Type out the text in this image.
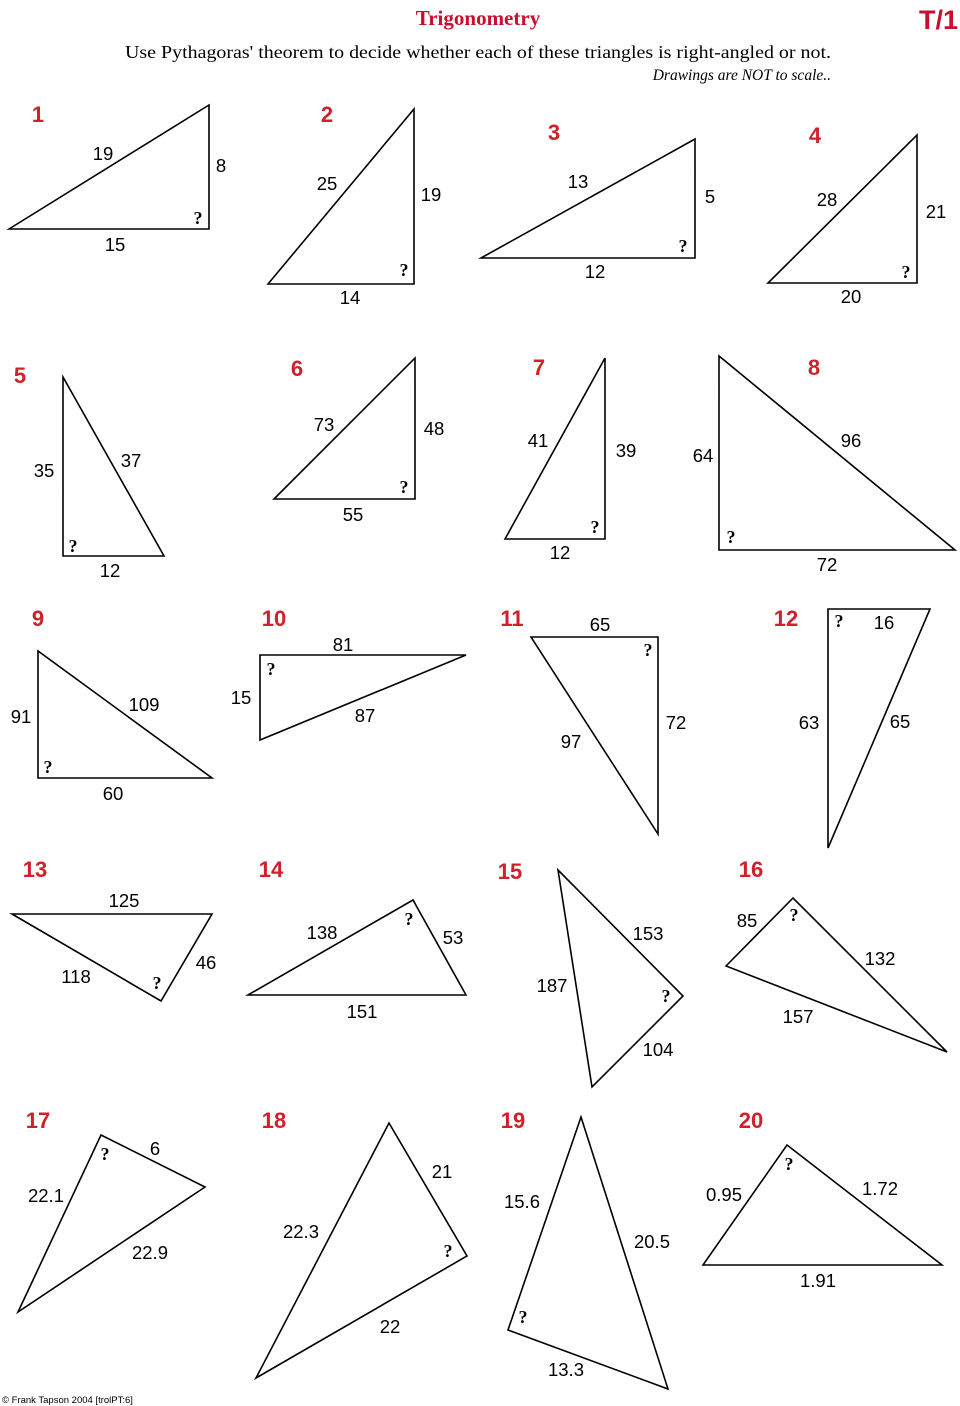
Trigonometry	T/1
Use Pythagoras' theorem to decide whether each of these triangles is right-angled or not.
Drawings are NOT to scale..
1
19
8
15
?
2
25
19
14
?
3
13
5
12
?
4
28
21
20
?
5
35	37
12
?
6
73	48
55
?
7
41	39
12
?
8
64
96
72
?
9
91
109
60
?
10
81
15
87
?
11	65
72
97
?
12	16
63	65
?
13
125
118
46
?
14
138	53
151
?
15
153
187
104
?
16
85
132
157
?
17
6
22.1
22.9
?
18
21
22.3
22
?
19
15.6
20.5
13.3
?
20
0.95	1.72
1.91
?
© Frank Tapson 2004 [trolPT:6]
